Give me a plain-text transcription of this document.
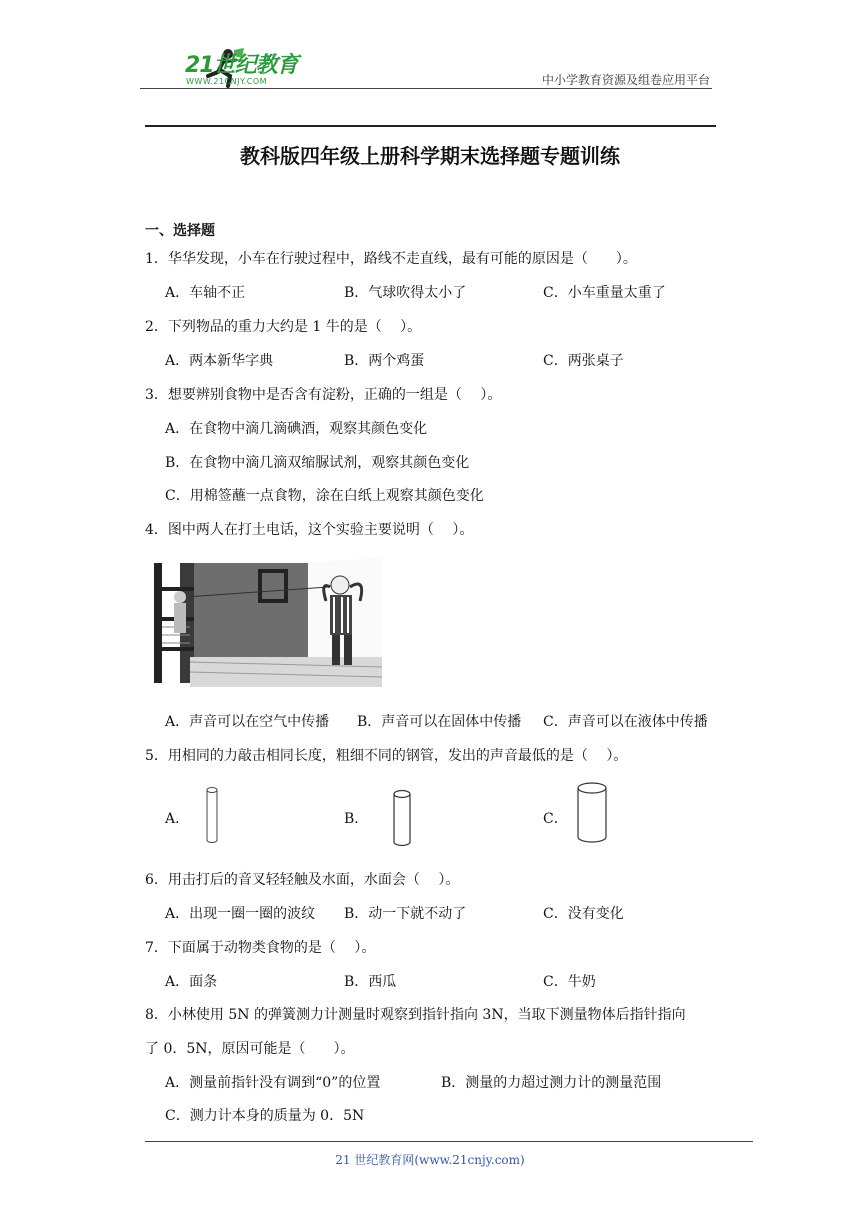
21世纪教育
WWW.21CNJY.COM	中小学教育资源及组卷应用平台
教科版四年级上册科学期末选择题专题训练
一、选择题
1．华华发现，小车在行驶过程中，路线不走直线，最有可能的原因是（　　）。
A．车轴不正	B．气球吹得太小了	C．小车重量太重了
2．下列物品的重力大约是 1 牛的是（　 ）。
A．两本新华字典	B．两个鸡蛋	C．两张桌子
3．想要辨别食物中是否含有淀粉，正确的一组是（　 ）。
A．在食物中滴几滴碘酒，观察其颜色变化
B．在食物中滴几滴双缩脲试剂，观察其颜色变化
C．用棉签蘸一点食物，涂在白纸上观察其颜色变化
4．图中两人在打土电话，这个实验主要说明（　 ）。
A．声音可以在空气中传播 B．声音可以在固体中传播 C．声音可以在液体中传播
5．用相同的力敲击相同长度，粗细不同的钢管，发出的声音最低的是（　 ）。
A．	B．	C．
6．用击打后的音叉轻轻触及水面，水面会（　 ）。
A．出现一圈一圈的波纹 B．动一下就不动了	C．没有变化
7．下面属于动物类食物的是（　 ）。
A．面条	B．西瓜	C．牛奶
8．小林使用 5N 的弹簧测力计测量时观察到指针指向 3N，当取下测量物体后指针指向
了 0．5N，原因可能是（　　）。
A．测量前指针没有调到“0”的位置	B．测量的力超过测力计的测量范围
C．测力计本身的质量为 0．5N
21 世纪教育网(www.21cnjy.com)
